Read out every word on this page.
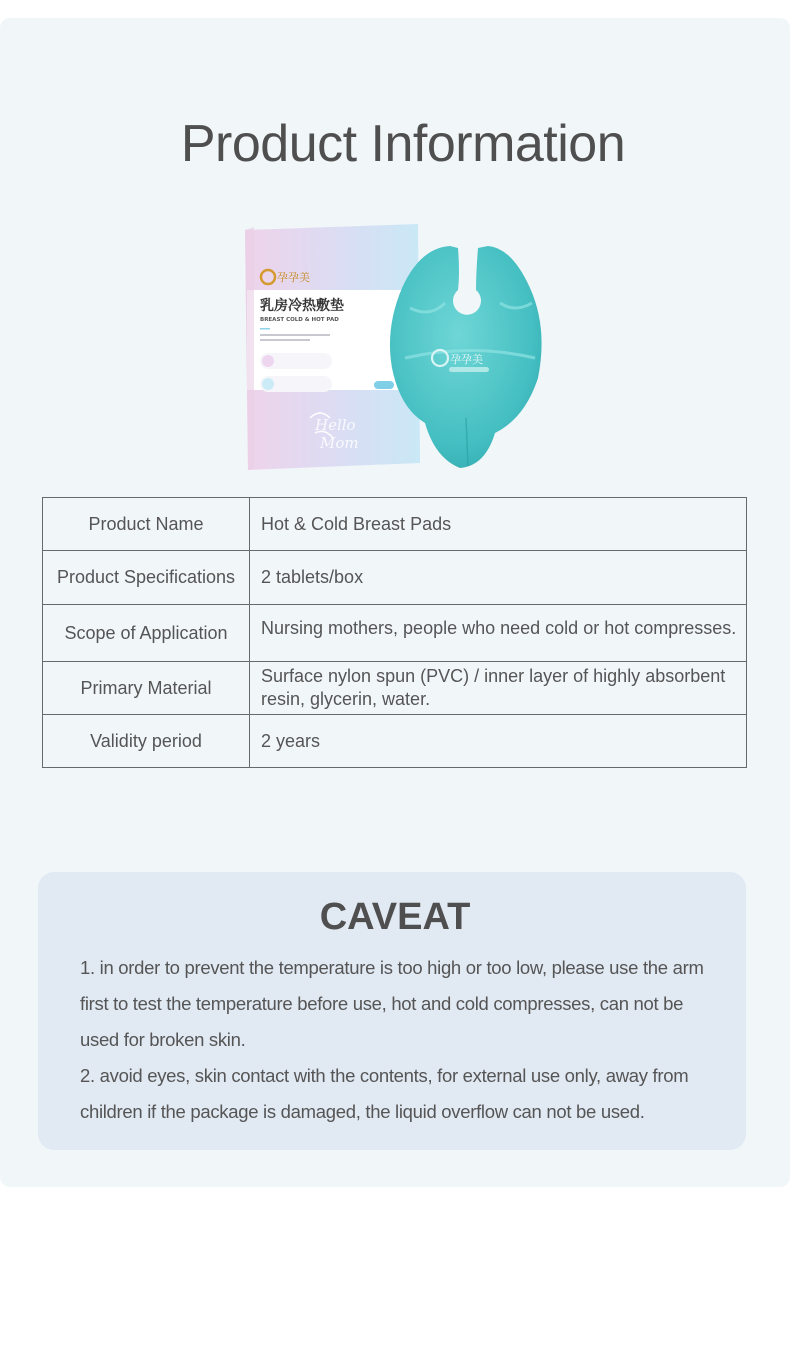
Product Information
孕孕美
乳房冷热敷垫
BREAST COLD & HOT PAD
Hello
Mom
孕孕美
Product Name	Hot & Cold Breast Pads
Product Specifications	2 tablets/box
Scope of Application	Nursing mothers, people who need cold or hot compresses.
Primary Material	Surface nylon spun (PVC) / inner layer of highly absorbent resin, glycerin, water.
Validity period	2 years
CAVEAT

1. in order to prevent the temperature is too high or too low, please use the arm first to test the temperature before use, hot and cold compresses, can not be used for broken skin.

2. avoid eyes, skin contact with the contents, for external use only, away from children if the package is damaged, the liquid overflow can not be used.
